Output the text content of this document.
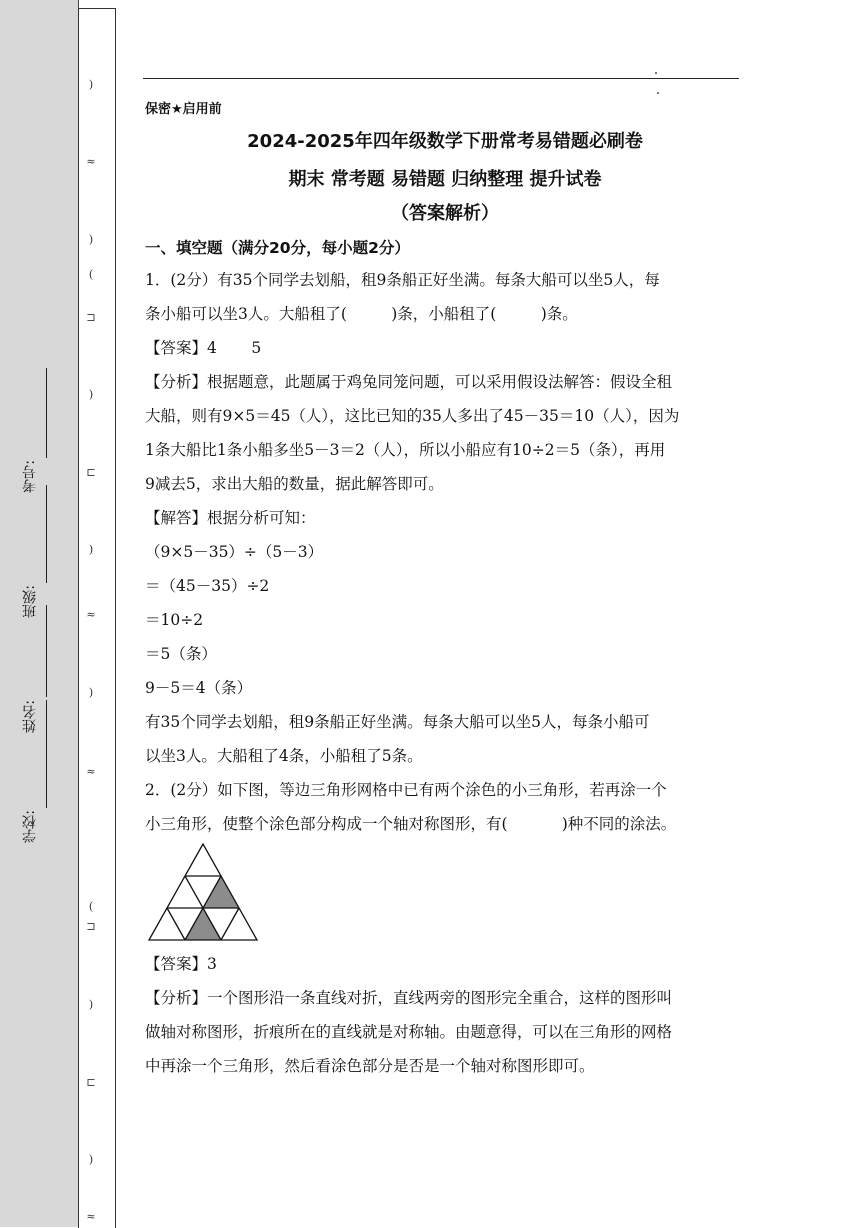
学校:
姓名:
班级:
考号:
)
≈
)
(
⊐
)
⊏
)
≈
)
≈
(
⊐
)
⊏
)
≈
保密★启用前
2024-2025年四年级数学下册常考易错题必刷卷
期末 常考题 易错题 归纳整理 提升试卷
（答案解析）
一、填空题（满分20分，每小题2分）

1．(2分）有35个同学去划船，租9条船正好坐满。每条大船可以坐5人，每

条小船可以坐3人。大船租了(         )条，小船租了(         )条。

【答案】4       5

【分析】根据题意，此题属于鸡兔同笼问题，可以采用假设法解答：假设全租

大船，则有9×5＝45（人），这比已知的35人多出了45－35＝10（人），因为

1条大船比1条小船多坐5－3＝2（人），所以小船应有10÷2＝5（条），再用

9减去5，求出大船的数量，据此解答即可。

【解答】根据分析可知：

（9×5－35）÷（5－3）

＝（45－35）÷2

＝10÷2

＝5（条）

9－5＝4（条）

有35个同学去划船，租9条船正好坐满。每条大船可以坐5人，每条小船可

以坐3人。大船租了4条，小船租了5条。

2．(2分）如下图，等边三角形网格中已有两个涂色的小三角形，若再涂一个

小三角形，使整个涂色部分构成一个轴对称图形，有(           )种不同的涂法。

【答案】3

【分析】一个图形沿一条直线对折，直线两旁的图形完全重合，这样的图形叫

做轴对称图形，折痕所在的直线就是对称轴。由题意得，可以在三角形的网格

中再涂一个三角形，然后看涂色部分是否是一个轴对称图形即可。
